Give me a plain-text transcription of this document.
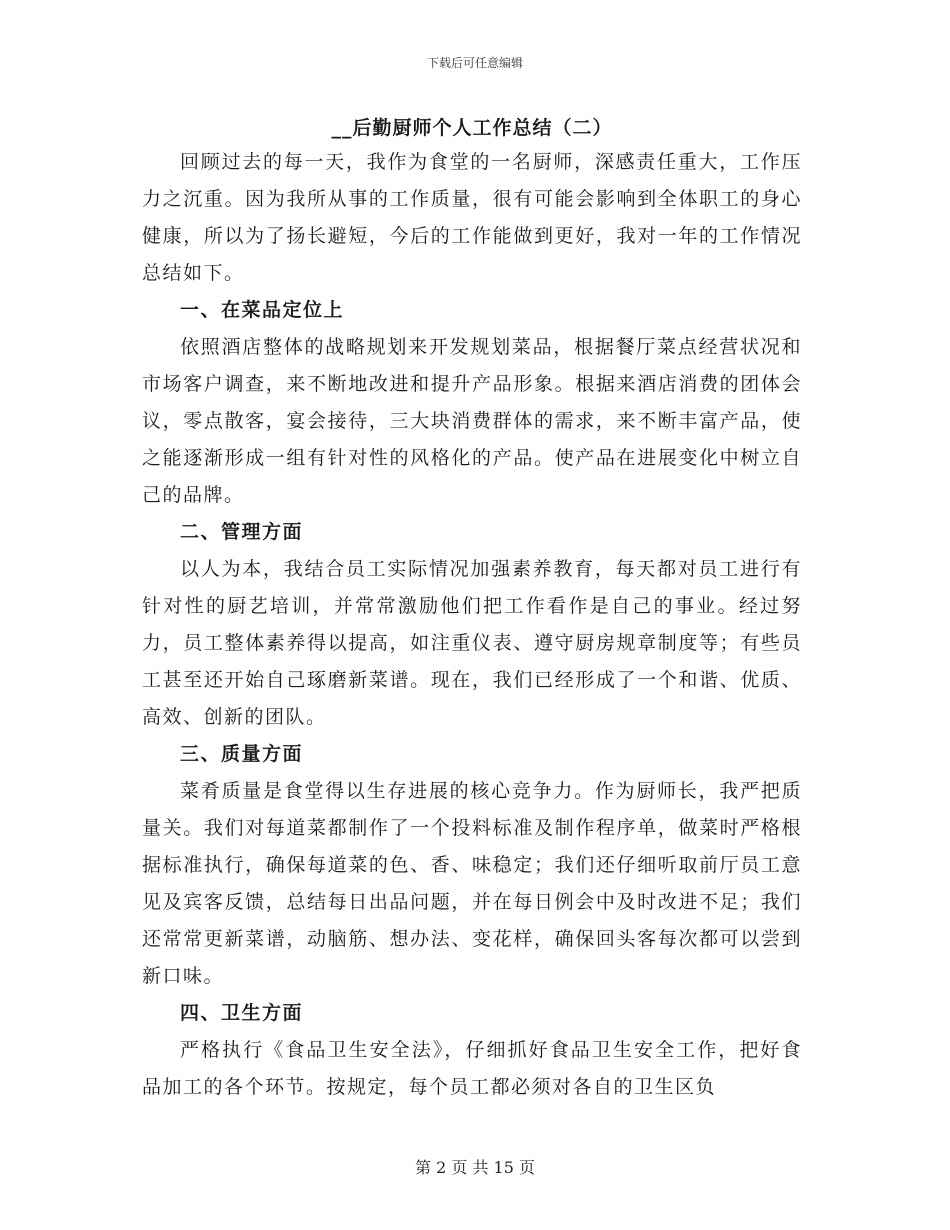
下载后可任意编辑
__后勤厨师个人工作总结（二）

回顾过去的每一天，我作为食堂的一名厨师，深感责任重大，工作压力之沉重。因为我所从事的工作质量，很有可能会影响到全体职工的身心健康，所以为了扬长避短，今后的工作能做到更好，我对一年的工作情况总结如下。

一、在菜品定位上

依照酒店整体的战略规划来开发规划菜品，根据餐厅菜点经营状况和市场客户调查，来不断地改进和提升产品形象。根据来酒店消费的团体会议，零点散客，宴会接待，三大块消费群体的需求，来不断丰富产品，使之能逐渐形成一组有针对性的风格化的产品。使产品在进展变化中树立自己的品牌。

二、管理方面

以人为本，我结合员工实际情况加强素养教育，每天都对员工进行有针对性的厨艺培训，并常常激励他们把工作看作是自己的事业。经过努力，员工整体素养得以提高，如注重仪表、遵守厨房规章制度等；有些员工甚至还开始自己琢磨新菜谱。现在，我们已经形成了一个和谐、优质、高效、创新的团队。

三、质量方面

菜肴质量是食堂得以生存进展的核心竞争力。作为厨师长，我严把质量关。我们对每道菜都制作了一个投料标准及制作程序单，做菜时严格根据标准执行，确保每道菜的色、香、味稳定；我们还仔细听取前厅员工意见及宾客反馈，总结每日出品问题，并在每日例会中及时改进不足；我们还常常更新菜谱，动脑筋、想办法、变花样，确保回头客每次都可以尝到新口味。

四、卫生方面

严格执行《食品卫生安全法》，仔细抓好食品卫生安全工作，把好食品加工的各个环节。按规定，每个员工都必须对各自的卫生区负

第 2 页 共 15 页
